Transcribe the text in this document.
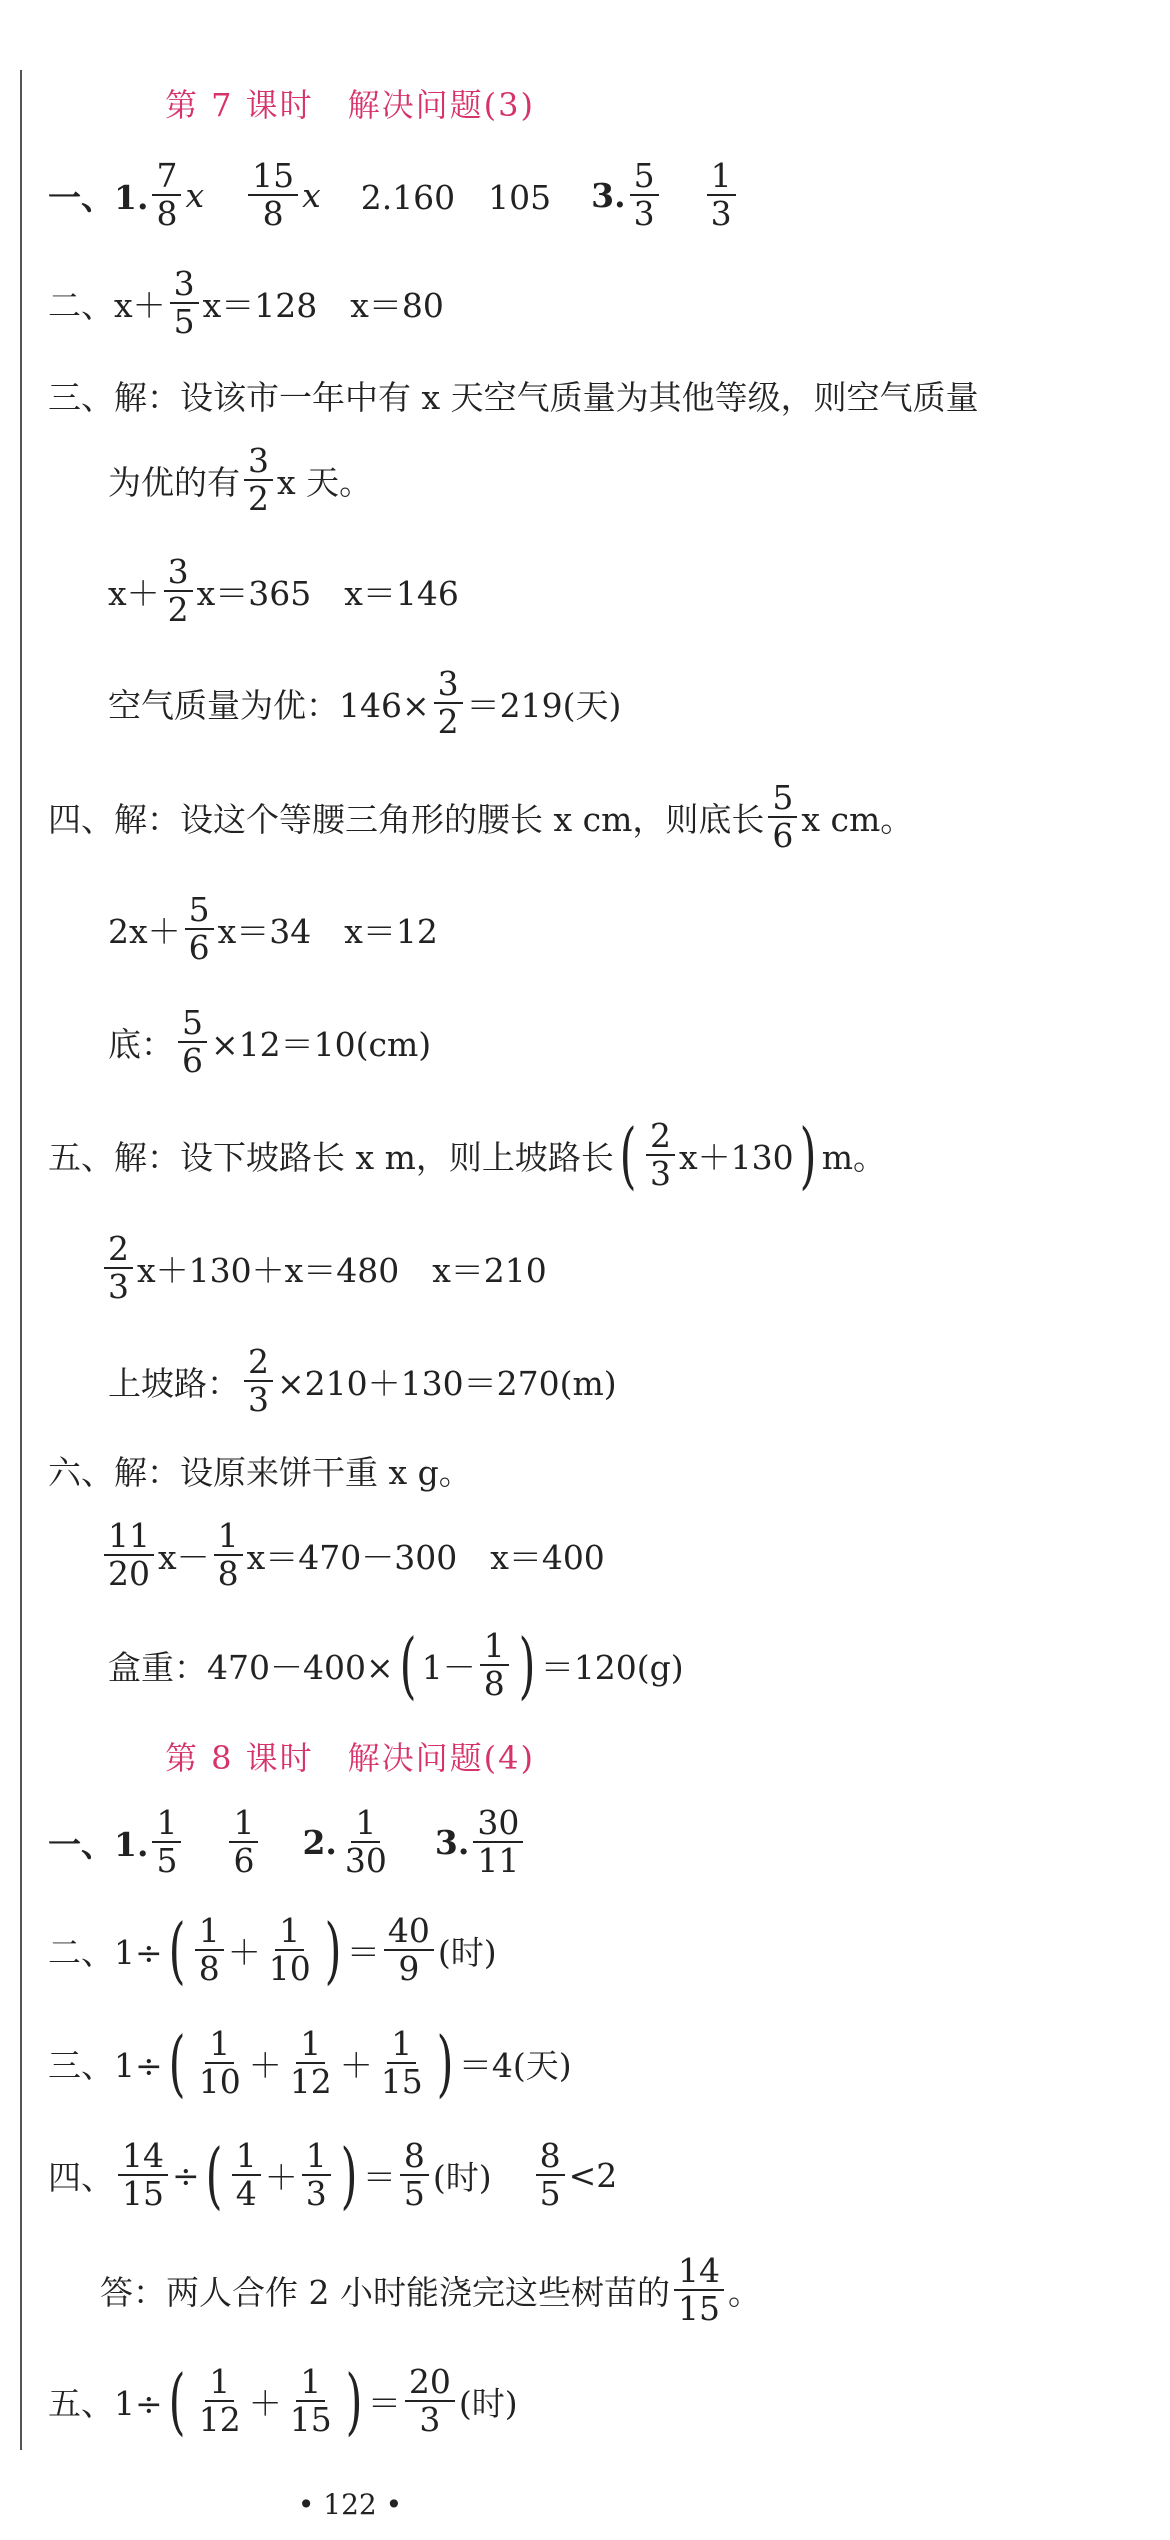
第 7 课时　解决问题(3)
一、1.
7
8 x
15
8 x 2.160　105 3.
5
3
1
3
二、x＋
3
5 x＝128　x＝80
三、解：设该市一年中有 x 天空气质量为其他等级，则空气质量
为优的有
3
2 x 天。
x＋
3
2 x＝365　x＝146
空气质量为优：$146\times \frac{3}{2} =219$(天)
四、解：设这个等腰三角形的腰长 x cm，则底长
5
6 x cm。
2x＋
5
6 x＝34　x＝12
底： $\frac{5}{6} \times 12=10(cm)$
五、解：设下坡路长 x m，则上坡路长 ( 2
3 x＋130 ) m。
2
3 x＋130＋x＝480　x＝210
上坡路： $\frac{2}{3} \times 210+130=270(m)$
六、解：设原来饼干重 x g。
11
20 x－
1
8 x＝470－300　x＝400
盒重：470－400× ( 1－
1
8 ) ＝120(g)
第 8 课时　解决问题(4)
一、1.
1
5
1
6 2.
1
30 3.
30
11
二、1÷ ( 1
8 ＋
1
10 ) ＝
40
9 (时)
三、1÷ ( 1
10 ＋
1
12 ＋
1
15 ) ＝4(天)
四、 $\frac{14}{15}$ ÷ ( 1
4 ＋
1
3 ) ＝
8
5 (时)
8
5 <2
答：两人合作 2 小时能浇完这些树苗的
14
15 。
五、1÷ ( 1
12 ＋
1
15 ) ＝
20
3 (时)
• 122 •
